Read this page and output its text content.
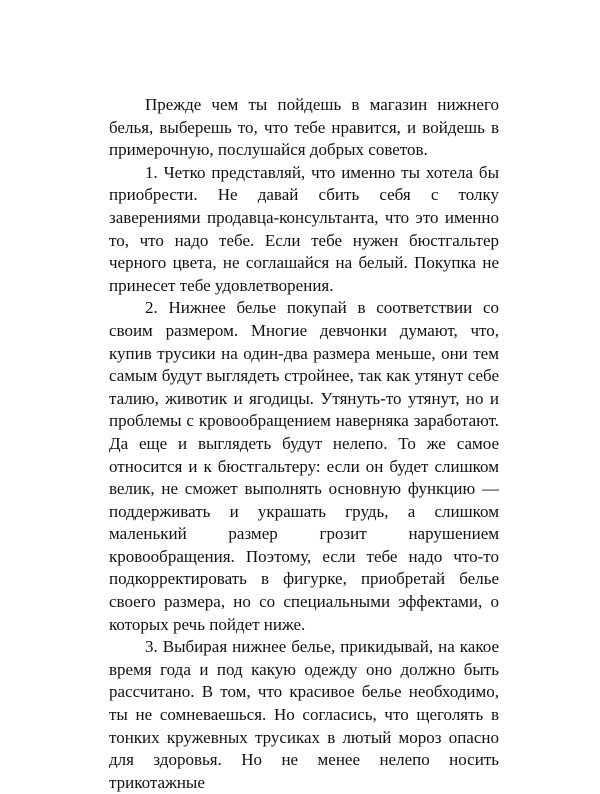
Прежде чем ты пойдешь в магазин нижнего белья, выберешь то, что тебе нравится, и войдешь в примерочную, послушайся добрых советов.

1. Четко представляй, что именно ты хотела бы приобрести. Не давай сбить себя с толку заверениями продавца-консультанта, что это именно то, что надо тебе. Если тебе нужен бюстгальтер черного цвета, не соглашайся на белый. Покупка не принесет тебе удовлетворения.

2. Нижнее белье покупай в соответствии со своим размером. Многие девчонки думают, что, купив трусики на один-два размера меньше, они тем самым будут выглядеть стройнее, так как утянут себе талию, животик и ягодицы. Утянуть-то утянут, но и проблемы с кровообращением наверняка заработают. Да еще и выглядеть будут нелепо. То же самое относится и к бюстгальтеру: если он будет слишком велик, не сможет выполнять основную функцию — поддерживать и украшать грудь, а слишком маленький размер грозит нарушением кровообращения. Поэтому, если тебе надо что-то подкорректировать в фигурке, приобретай белье своего размера, но со специальными эффектами, о которых речь пойдет ниже.

3. Выбирая нижнее белье, прикидывай, на какое время года и под какую одежду оно должно быть рассчитано. В том, что красивое белье необходимо, ты не сомневаешься. Но согласись, что щеголять в тонких кружевных трусиках в лютый мороз опасно для здоровья. Но не менее нелепо носить трикотажные
